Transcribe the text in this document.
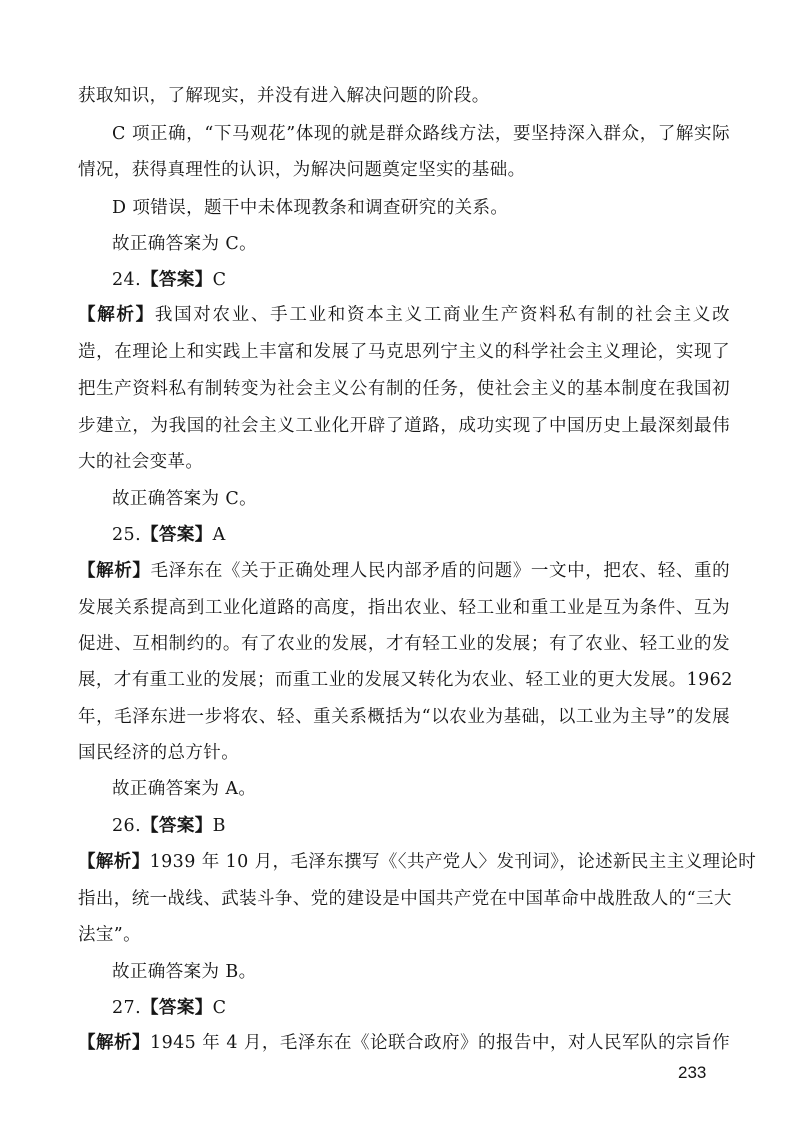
获取知识，了解现实，并没有进入解决问题的阶段。
C 项正确，“下马观花”体现的就是群众路线方法，要坚持深入群众，了解实际
情况，获得真理性的认识，为解决问题奠定坚实的基础。
D 项错误，题干中未体现教条和调查研究的关系。
故正确答案为 C。
24.【答案】C
【解析】我国对农业、手工业和资本主义工商业生产资料私有制的社会主义改
造，在理论上和实践上丰富和发展了马克思列宁主义的科学社会主义理论，实现了
把生产资料私有制转变为社会主义公有制的任务，使社会主义的基本制度在我国初
步建立，为我国的社会主义工业化开辟了道路，成功实现了中国历史上最深刻最伟
大的社会变革。
故正确答案为 C。
25.【答案】A
【解析】毛泽东在《关于正确处理人民内部矛盾的问题》一文中，把农、轻、重的
发展关系提高到工业化道路的高度，指出农业、轻工业和重工业是互为条件、互为
促进、互相制约的。有了农业的发展，才有轻工业的发展；有了农业、轻工业的发
展，才有重工业的发展；而重工业的发展又转化为农业、轻工业的更大发展。1962
年，毛泽东进一步将农、轻、重关系概括为“以农业为基础，以工业为主导”的发展
国民经济的总方针。
故正确答案为 A。
26.【答案】B
【解析】1939 年 10 月，毛泽东撰写《〈共产党人〉发刊词》，论述新民主主义理论时
指出，统一战线、武装斗争、党的建设是中国共产党在中国革命中战胜敌人的“三大
法宝”。
故正确答案为 B。
27.【答案】C
【解析】1945 年 4 月，毛泽东在《论联合政府》的报告中，对人民军队的宗旨作
233
